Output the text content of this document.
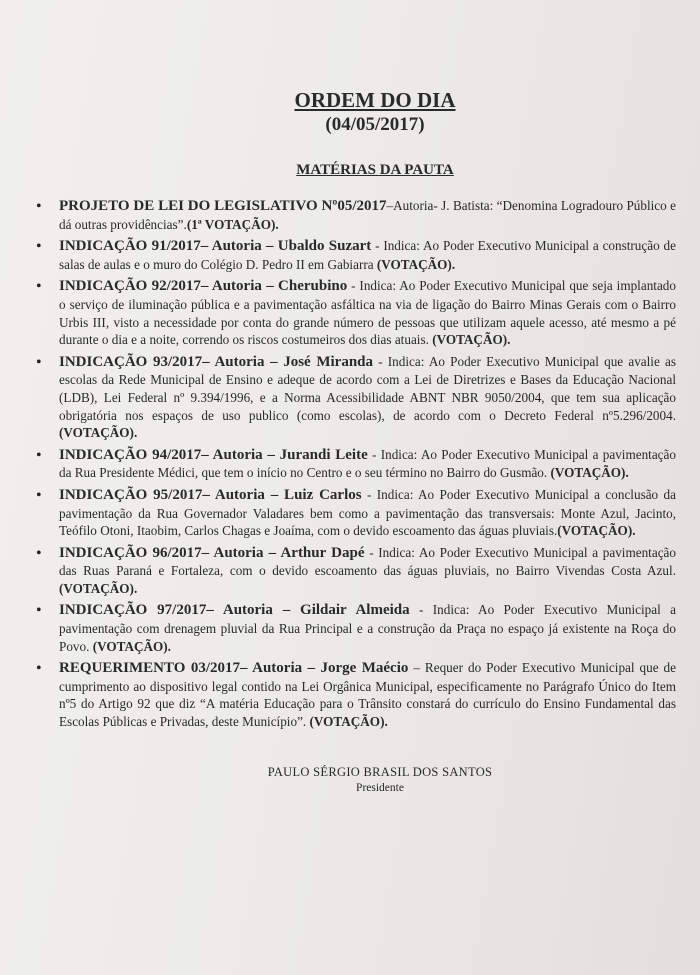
ORDEM DO DIA
(04/05/2017)
MATÉRIAS DA PAUTA
• PROJETO DE LEI DO LEGISLATIVO Nº05/2017–Autoria- J. Batista: “Denomina Logradouro Público e dá outras providências”.(1ª VOTAÇÃO).
• INDICAÇÃO 91/2017– Autoria – Ubaldo Suzart - Indica: Ao Poder Executivo Municipal a construção de salas de aulas e o muro do Colégio D. Pedro II em Gabiarra (VOTAÇÃO).
• INDICAÇÃO 92/2017– Autoria – Cherubino - Indica: Ao Poder Executivo Municipal que seja implantado o serviço de iluminação pública e a pavimentação asfáltica na via de ligação do Bairro Minas Gerais com o Bairro Urbis III, visto a necessidade por conta do grande número de pessoas que utilizam aquele acesso, até mesmo a pé durante o dia e a noite, correndo os riscos costumeiros dos dias atuais. (VOTAÇÃO).
• INDICAÇÃO 93/2017– Autoria – José Miranda - Indica: Ao Poder Executivo Municipal que avalie as escolas da Rede Municipal de Ensino e adeque de acordo com a Lei de Diretrizes e Bases da Educação Nacional (LDB), Lei Federal nº 9.394/1996, e a Norma Acessibilidade ABNT NBR 9050/2004, que tem sua aplicação obrigatória nos espaços de uso publico (como escolas), de acordo com o Decreto Federal nº5.296/2004. (VOTAÇÃO).
• INDICAÇÃO 94/2017– Autoria – Jurandi Leite - Indica: Ao Poder Executivo Municipal a pavimentação da Rua Presidente Médici, que tem o início no Centro e o seu término no Bairro do Gusmão. (VOTAÇÃO).
• INDICAÇÃO 95/2017– Autoria – Luiz Carlos - Indica: Ao Poder Executivo Municipal a conclusão da pavimentação da Rua Governador Valadares bem como a pavimentação das transversais: Monte Azul, Jacinto, Teófilo Otoni, Itaobim, Carlos Chagas e Joaíma, com o devido escoamento das águas pluviais.(VOTAÇÃO).
• INDICAÇÃO 96/2017– Autoria – Arthur Dapé - Indica: Ao Poder Executivo Municipal a pavimentação das Ruas Paraná e Fortaleza, com o devido escoamento das águas pluviais, no Bairro Vivendas Costa Azul.(VOTAÇÃO).
• INDICAÇÃO 97/2017– Autoria – Gildair Almeida - Indica: Ao Poder Executivo Municipal a pavimentação com drenagem pluvial da Rua Principal e a construção da Praça no espaço já existente na Roça do Povo. (VOTAÇÃO).
• REQUERIMENTO 03/2017– Autoria – Jorge Maécio – Requer do Poder Executivo Municipal que de cumprimento ao dispositivo legal contido na Lei Orgânica Municipal, especificamente no Parágrafo Único do Item nº5 do Artigo 92 que diz “A matéria Educação para o Trânsito constará do currículo do Ensino Fundamental das Escolas Públicas e Privadas, deste Município”. (VOTAÇÃO).
PAULO SÉRGIO BRASIL DOS SANTOS
Presidente
